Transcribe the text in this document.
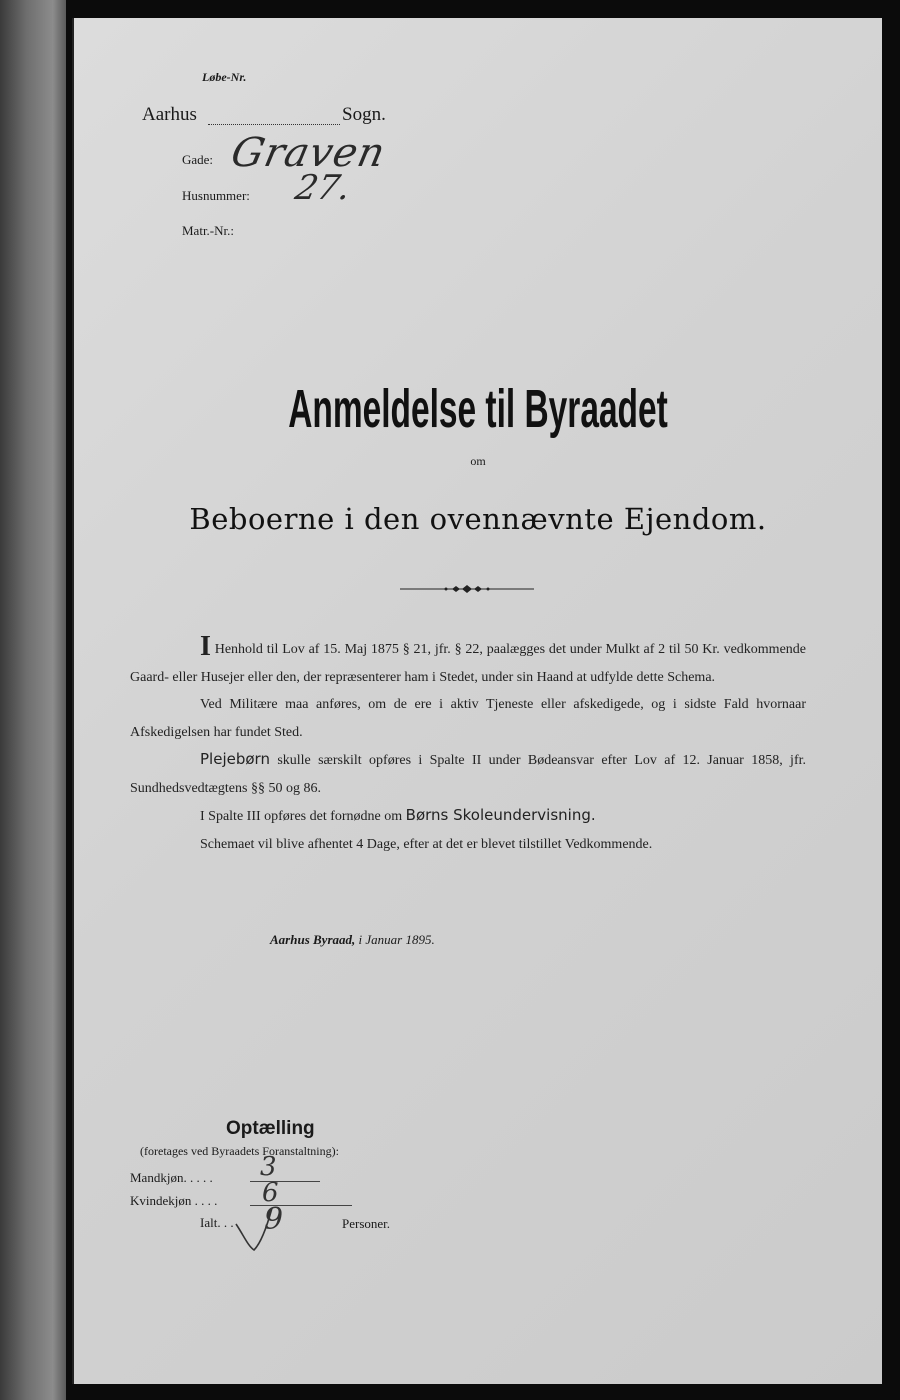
Løbe-Nr.
Aarhus	Sogn.
Gade: Graven
Husnummer: 27.
Matr.-Nr.:
Anmeldelse til Byraadet
om
Beboerne i den ovennævnte Ejendom.

I Henhold til Lov af 15. Maj 1875 § 21, jfr. § 22, paalægges det under Mulkt af 2 til 50 Kr. vedkommende Gaard- eller Husejer eller den, der repræsenterer ham i Stedet, under sin Haand at udfylde dette Schema.

Ved Militære maa anføres, om de ere i aktiv Tjeneste eller afskedigede, og i sidste Fald hvornaar Afskedigelsen har fundet Sted.

Plejebørn skulle særskilt opføres i Spalte II under Bødeansvar efter Lov af 12. Januar 1858, jfr. Sundhedsvedtægtens §§ 50 og 86.

I Spalte III opføres det fornødne om Børns Skoleundervisning.

Schemaet vil blive afhentet 4 Dage, efter at det er blevet tilstillet Vedkommende.

Aarhus Byraad, i Januar 1895.
Optælling
(foretages ved Byraadets Foranstaltning):
Mandkjøn. . . . . 3
Kvindekjøn . . . . 6
Ialt. . . 9	Personer.
